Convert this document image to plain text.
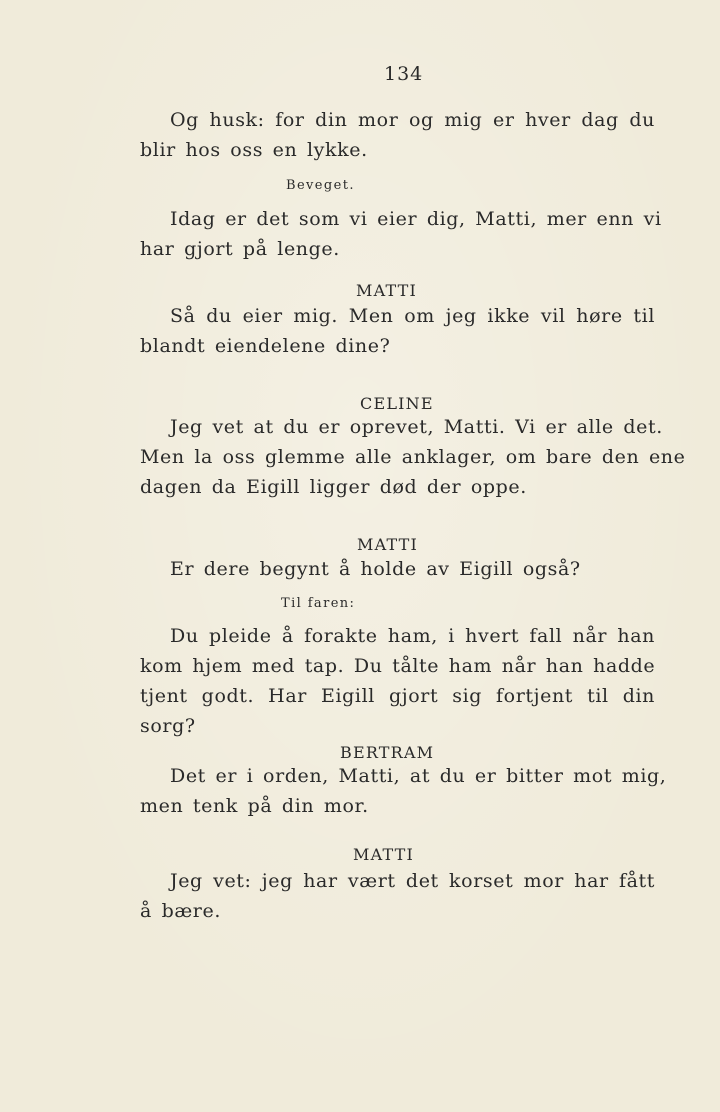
134
Og husk: for din mor og mig er hver dag du
blir hos oss en lykke.
Beveget.
Idag er det som vi eier dig, Matti, mer enn vi
har gjort på lenge.
MATTI
Så du eier mig. Men om jeg ikke vil høre til
blandt eiendelene dine?
CELINE
Jeg vet at du er oprevet, Matti. Vi er alle det.
Men la oss glemme alle anklager, om bare den ene
dagen da Eigill ligger død der oppe.
MATTI
Er dere begynt å holde av Eigill også?
Til faren:
Du pleide å forakte ham, i hvert fall når han
kom hjem med tap. Du tålte ham når han hadde
tjent godt. Har Eigill gjort sig fortjent til din
sorg?
BERTRAM
Det er i orden, Matti, at du er bitter mot mig,
men tenk på din mor.
MATTI
Jeg vet: jeg har vært det korset mor har fått
å bære.
